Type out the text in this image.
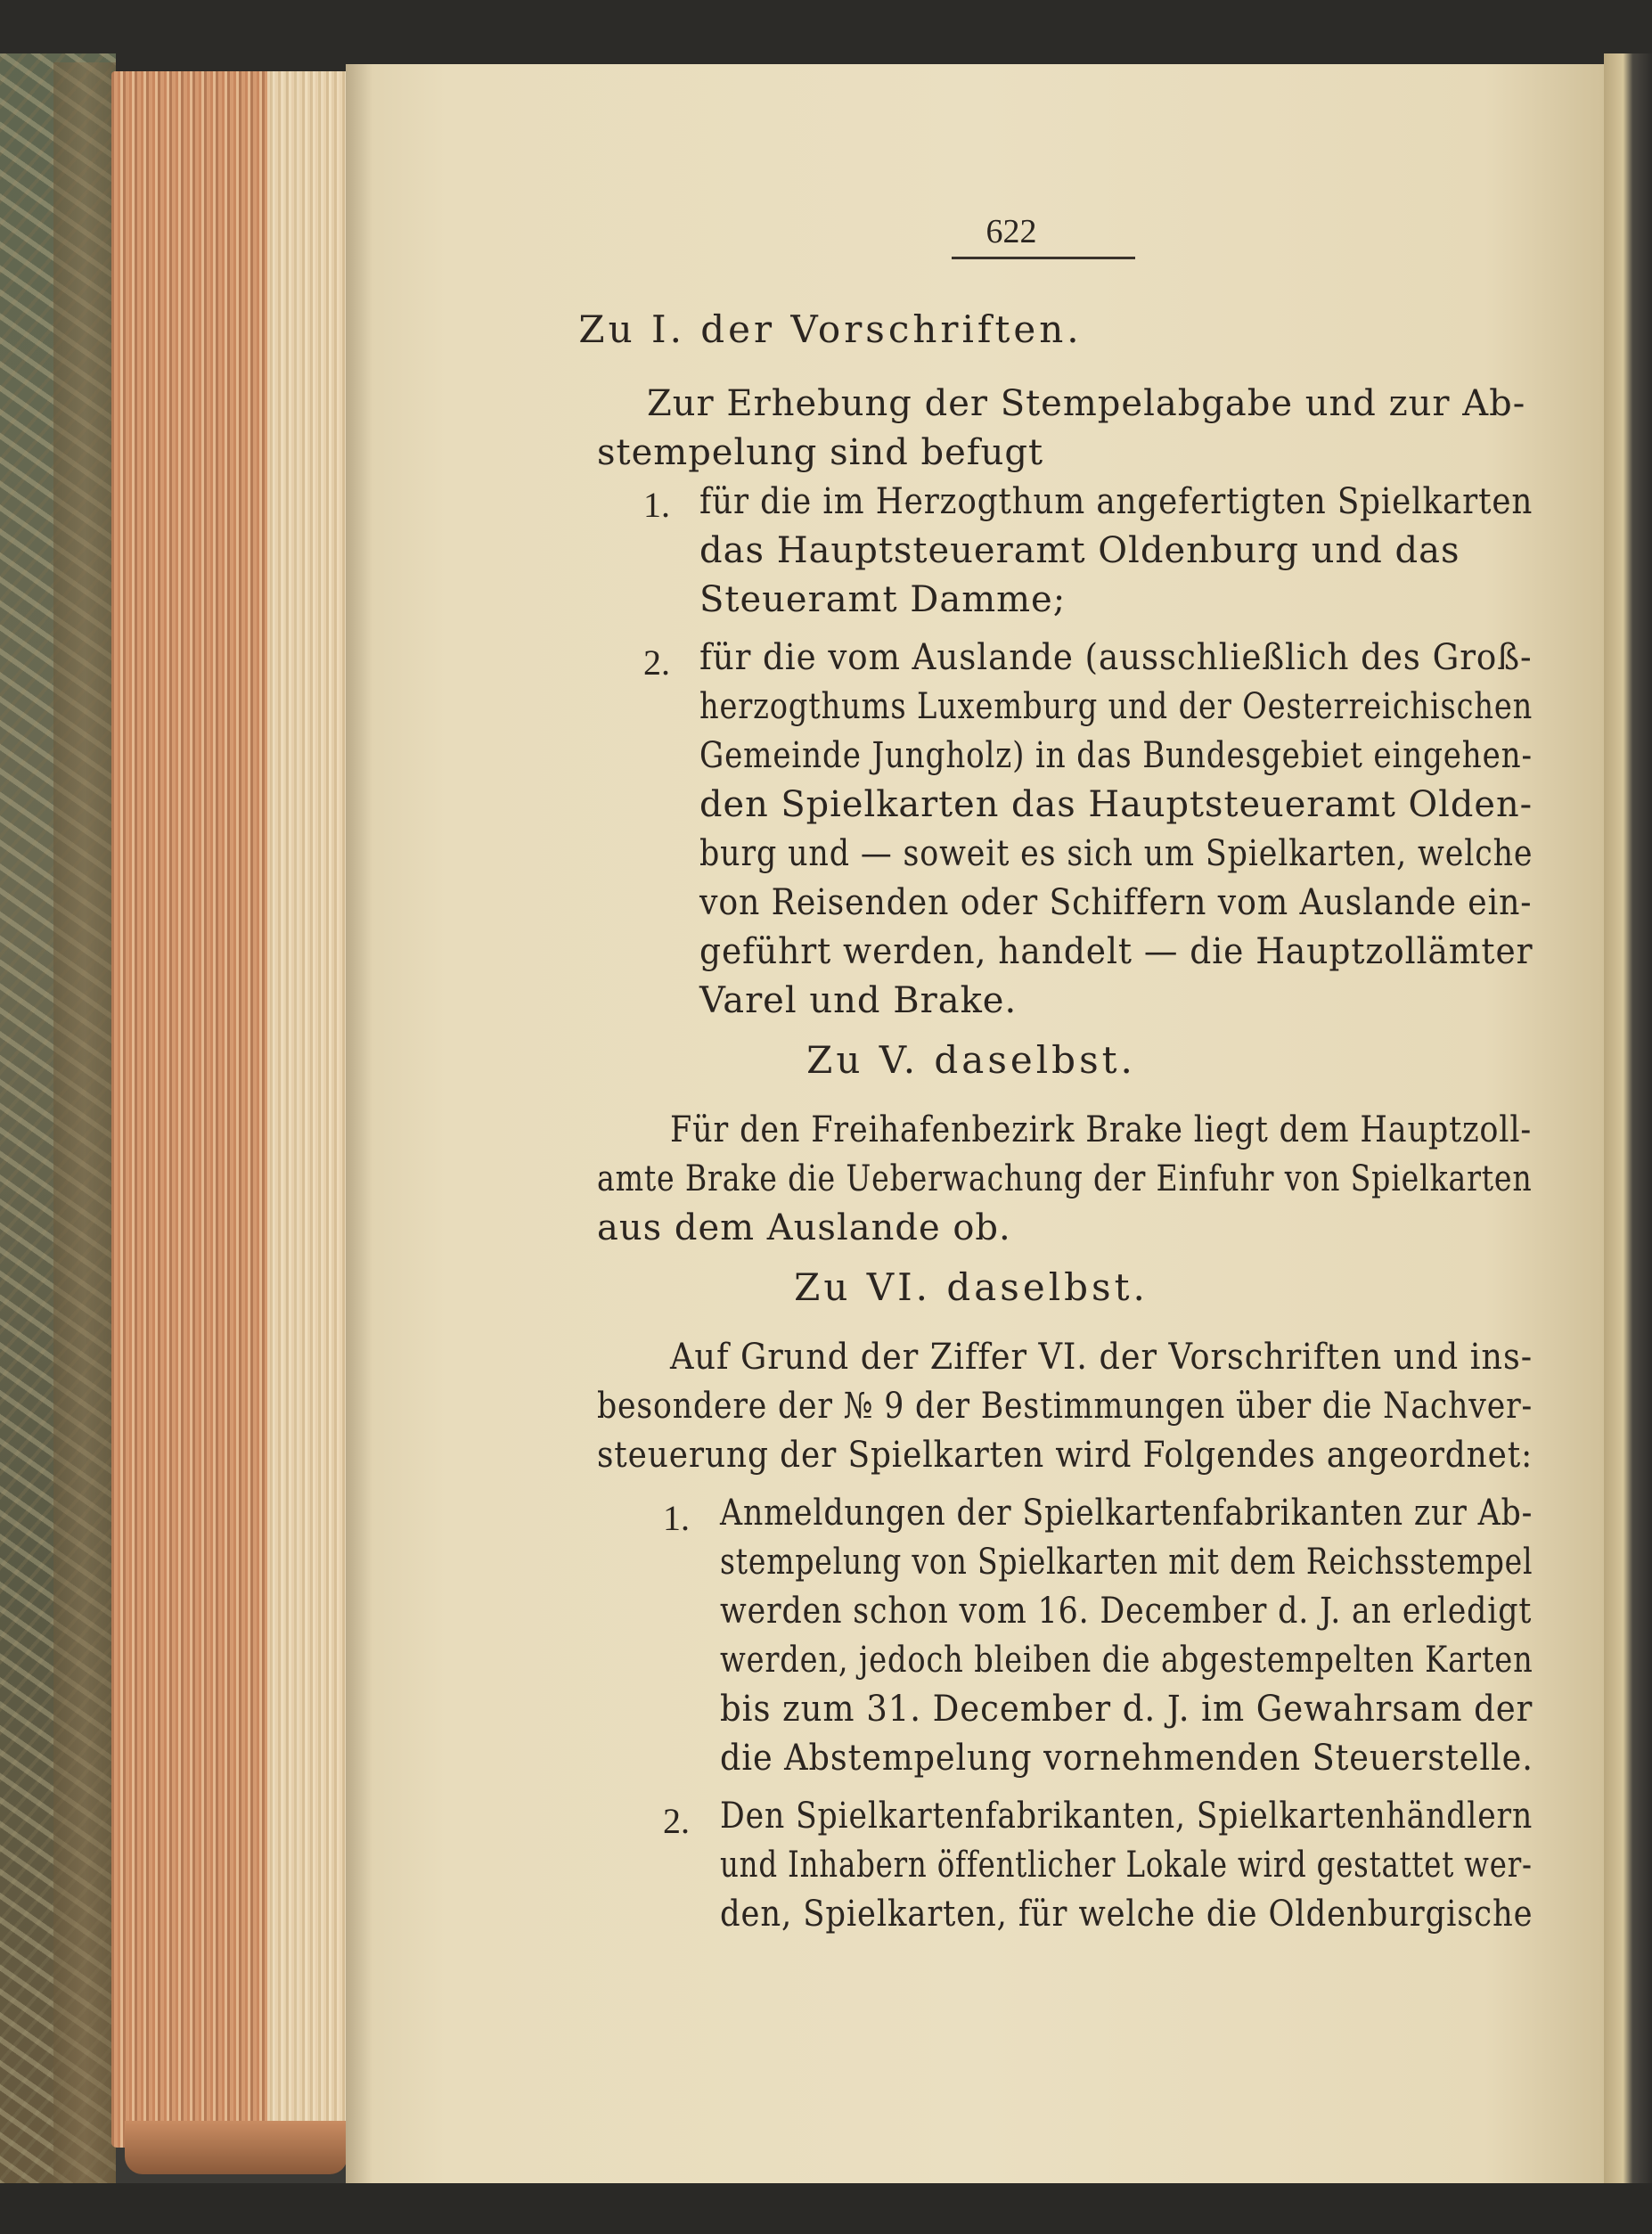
622
Zu I. der Vorschriften.
Zur Erhebung der Stempelabgabe und zur Ab-
stempelung sind befugt
1. für die im Herzogthum angefertigten Spielkarten
das Hauptsteueramt Oldenburg und das
Steueramt Damme;
2. für die vom Auslande (ausschließlich des Groß-
herzogthums Luxemburg und der Oesterreichischen
Gemeinde Jungholz) in das Bundesgebiet eingehen-
den Spielkarten das Hauptsteueramt Olden-
burg und — soweit es sich um Spielkarten, welche
von Reisenden oder Schiffern vom Auslande ein-
geführt werden, handelt — die Hauptzollämter
Varel und Brake.
Zu V. daselbst.
Für den Freihafenbezirk Brake liegt dem Hauptzoll-
amte Brake die Ueberwachung der Einfuhr von Spielkarten
aus dem Auslande ob.
Zu VI. daselbst.
Auf Grund der Ziffer VI. der Vorschriften und ins-
besondere der № 9 der Bestimmungen über die Nachver-
steuerung der Spielkarten wird Folgendes angeordnet:
1. Anmeldungen der Spielkartenfabrikanten zur Ab-
stempelung von Spielkarten mit dem Reichsstempel
werden schon vom 16. December d. J. an erledigt
werden, jedoch bleiben die abgestempelten Karten
bis zum 31. December d. J. im Gewahrsam der
die Abstempelung vornehmenden Steuerstelle.
2. Den Spielkartenfabrikanten, Spielkartenhändlern
und Inhabern öffentlicher Lokale wird gestattet wer-
den, Spielkarten, für welche die Oldenburgische
